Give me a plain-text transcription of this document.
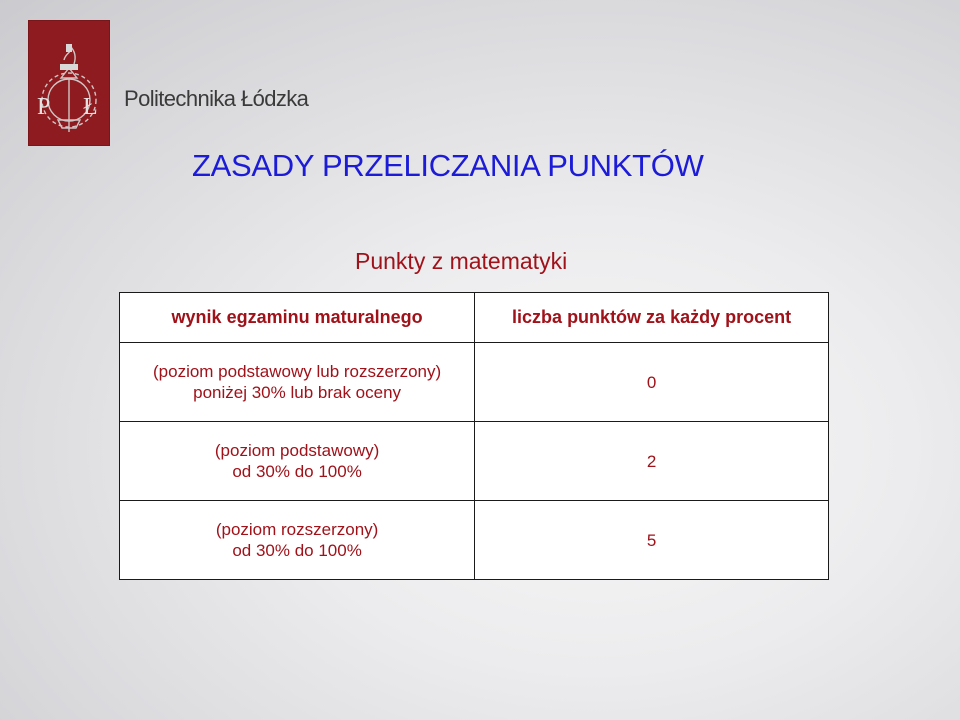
P Ł Politechnika Łódzka
ZASADY PRZELICZANIA PUNKTÓW
Punkty z matematyki
wynik egzaminu maturalnego	liczba punktów za każdy procent

(poziom podstawowy lub rozszerzony)
poniżej 30% lub brak oceny	0

(poziom podstawowy)
od 30% do 100%	2

(poziom rozszerzony)
od 30% do 100%	5
